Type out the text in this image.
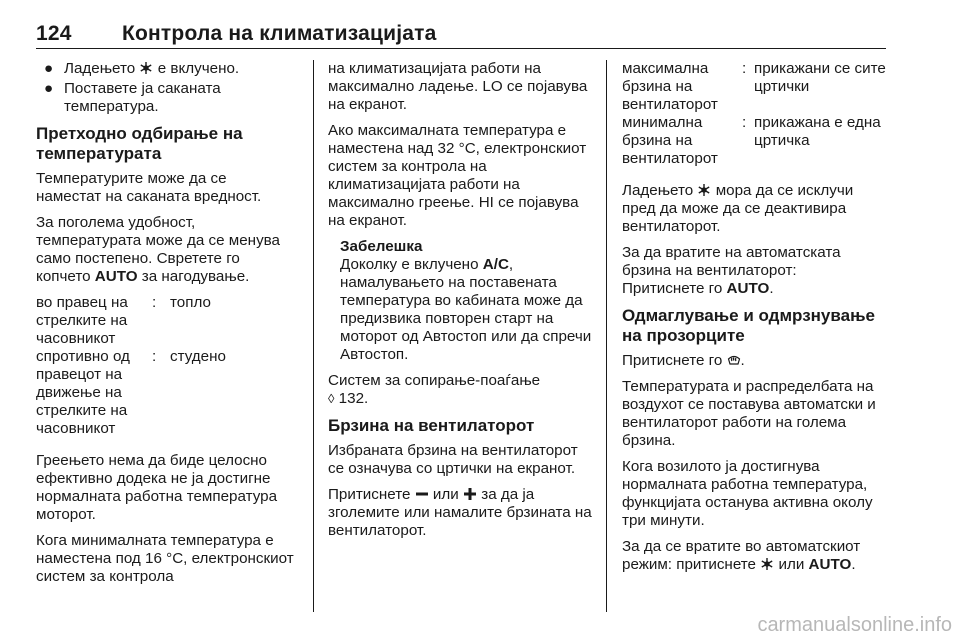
124	Контрола на климатизацијата
● Ладењето е вклучено.
● Поставете ја саканата температура.
Претходно одбирање на температурата

Температурите може да се наместат на саканата вредност.

За поголема удобност, температурата може да се менува само постепено. Свретете го копчето AUTO за нагодување.

во правец на стрелките на часовникот
: топло
спротивно од правецот на движење на стрелките на часовникот
: студено

Греењето нема да биде целосно ефективно додека не ја достигне нормалната работна температура моторот.

Кога минималната температура е наместена под 16 °C, електронскиот систем за контрола

на климатизацијата работи на максимално ладење. LO се појавува на екранот.

Ако максималната температура е наместена над 32 °C, електронскиот систем за контрола на климатизацијата работи на максимално греење. HI се појавува на екранот.

Забелешка
Доколку е вклучено A/C, намалувањето на поставената температура во кабината може да предизвика повторен старт на моторот од Автостоп или да спречи Автостоп.

Систем за сопирање-поаѓање
◊ 132.

Брзина на вентилаторот

Избраната брзина на вентилаторот се означува со цртички на екранот.

Притиснете или за да ја зголемите или намалите брзината на вентилаторот.

максимална брзина на вентилаторот
: прикажани се сите цртички
минимална брзина на вентилаторот
: прикажана е една цртичка

Ладењето мора да се исклучи пред да може да се деактивира вентилаторот.

За да вратите на автоматската брзина на вентилаторот:
Притиснете го AUTO.

Одмаглување и одмрзнување на прозорците

Притиснете го .

Температурата и распределбата на воздухот се поставува автоматски и вентилаторот работи на голема брзина.

Кога возилото ја достигнува нормалната работна температура, функцијата останува активна околу три минути.

За да се вратите во автоматскиот режим: притиснете или AUTO.

carmanualsonline.info
